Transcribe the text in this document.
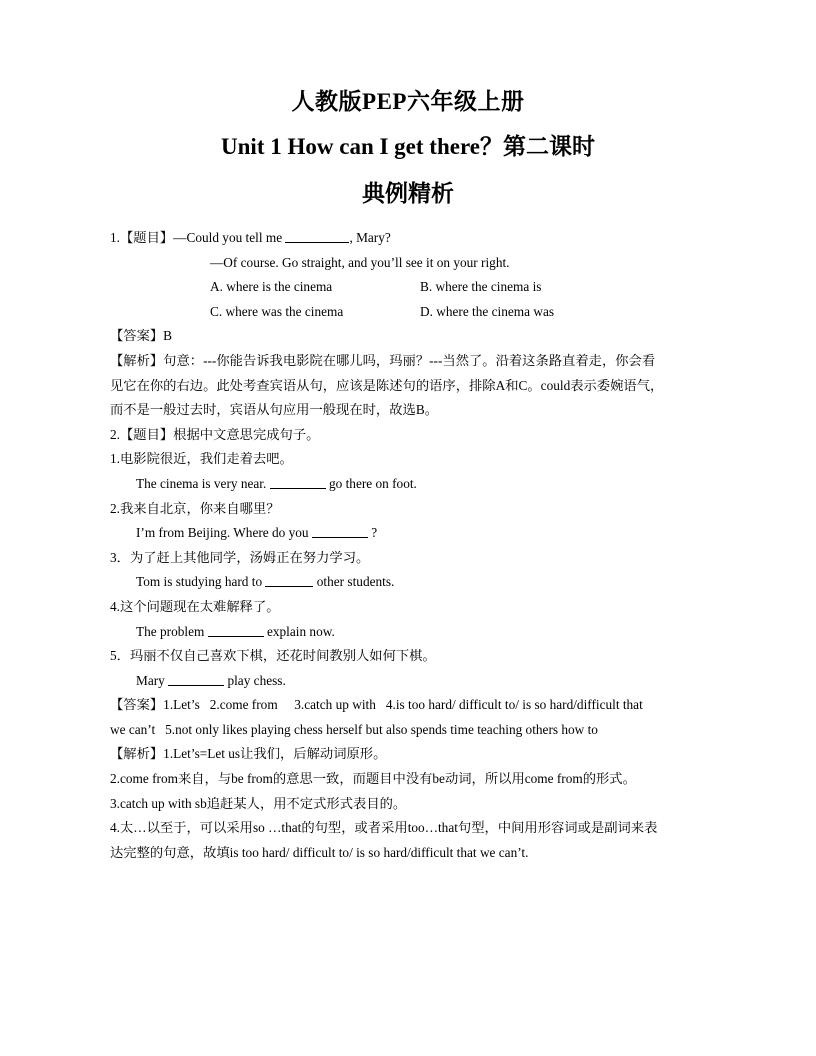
人教版PEP六年级上册
Unit 1 How can I get there？第二课时
典例精析

1.【题目】—Could you tell me	, Mary?

—Of course. Go straight, and you’ll see it on your right.

A. where is the cinema	B. where the cinema is
C. where was the cinema	D. where the cinema was

【答案】B

【解析】句意：---你能告诉我电影院在哪儿吗，玛丽？---当然了。沿着这条路直着走，你会看

见它在你的右边。此处考查宾语从句，应该是陈述句的语序，排除A和C。could表示委婉语气，

而不是一般过去时，宾语从句应用一般现在时，故选B。

2.【题目】根据中文意思完成句子。

1.电影院很近，我们走着去吧。

The cinema is very near.	go there on foot.

2.我来自北京，你来自哪里？

I’m from Beijing. Where do you	?

3．为了赶上其他同学，汤姆正在努力学习。

Tom is studying hard to	other students.

4.这个问题现在太难解释了。

The problem	explain now.

5．玛丽不仅自己喜欢下棋，还花时间教别人如何下棋。

Mary	play chess.

【答案】1.Let’s   2.come from     3.catch up with   4.is too hard/ difficult to/ is so hard/difficult that

we can’t   5.not only likes playing chess herself but also spends time teaching others how to

【解析】1.Let’s=Let us让我们，后解动词原形。

2.come from来自，与be from的意思一致，而题目中没有be动词，所以用come from的形式。

3.catch up with sb追赶某人，用不定式形式表目的。

4.太…以至于，可以采用so …that的句型，或者采用too…that句型，中间用形容词或是副词来表

达完整的句意，故填is too hard/ difficult to/ is so hard/difficult that we can’t.
